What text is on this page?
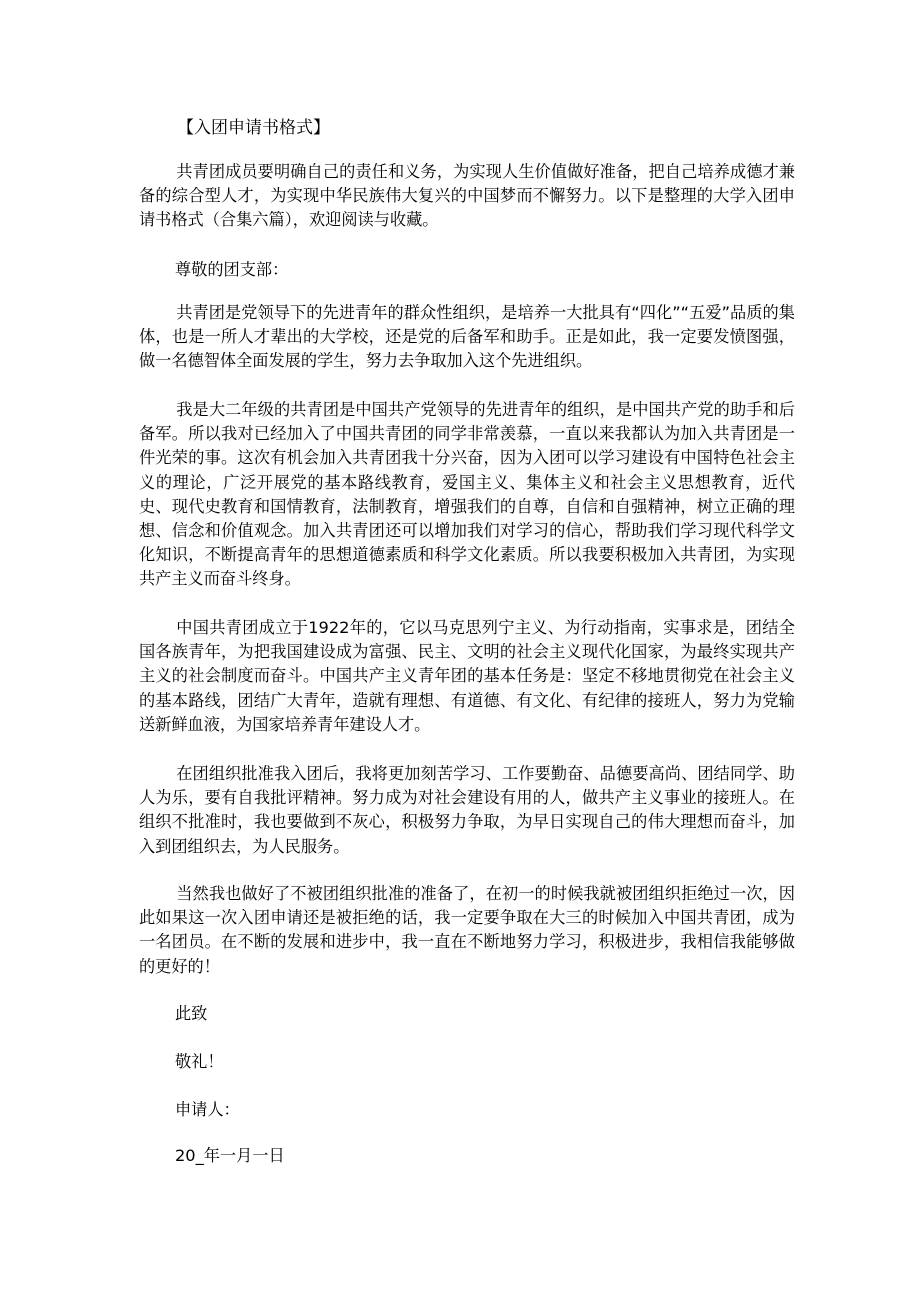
【入团申请书格式】

共青团成员要明确自己的责任和义务，为实现人生价值做好准备，把自己培养成德才兼备的综合型人才，为实现中华民族伟大复兴的中国梦而不懈努力。以下是整理的大学入团申请书格式（合集六篇），欢迎阅读与收藏。

尊敬的团支部：

共青团是党领导下的先进青年的群众性组织，是培养一大批具有“四化”“五爱”品质的集体，也是一所人才辈出的大学校，还是党的后备军和助手。正是如此，我一定要发愤图强，做一名德智体全面发展的学生，努力去争取加入这个先进组织。

我是大二年级的共青团是中国共产党领导的先进青年的组织，是中国共产党的助手和后备军。所以我对已经加入了中国共青团的同学非常羡慕，一直以来我都认为加入共青团是一件光荣的事。这次有机会加入共青团我十分兴奋，因为入团可以学习建设有中国特色社会主义的理论，广泛开展党的基本路线教育，爱国主义、集体主义和社会主义思想教育，近代史、现代史教育和国情教育，法制教育，增强我们的自尊，自信和自强精神，树立正确的理想、信念和价值观念。加入共青团还可以增加我们对学习的信心，帮助我们学习现代科学文化知识，不断提高青年的思想道德素质和科学文化素质。所以我要积极加入共青团，为实现共产主义而奋斗终身。

中国共青团成立于1922年的，它以马克思列宁主义、为行动指南，实事求是，团结全国各族青年，为把我国建设成为富强、民主、文明的社会主义现代化国家，为最终实现共产主义的社会制度而奋斗。中国共产主义青年团的基本任务是：坚定不移地贯彻党在社会主义的基本路线，团结广大青年，造就有理想、有道德、有文化、有纪律的接班人，努力为党输送新鲜血液，为国家培养青年建设人才。

在团组织批准我入团后，我将更加刻苦学习、工作要勤奋、品德要高尚、团结同学、助人为乐，要有自我批评精神。努力成为对社会建设有用的人，做共产主义事业的接班人。在组织不批准时，我也要做到不灰心，积极努力争取，为早日实现自己的伟大理想而奋斗，加入到团组织去，为人民服务。

当然我也做好了不被团组织批准的准备了，在初一的时候我就被团组织拒绝过一次，因此如果这一次入团申请还是被拒绝的话，我一定要争取在大三的时候加入中国共青团，成为一名团员。在不断的发展和进步中，我一直在不断地努力学习，积极进步，我相信我能够做的更好的！

此致
敬礼！
申请人：
20_年一月一日
